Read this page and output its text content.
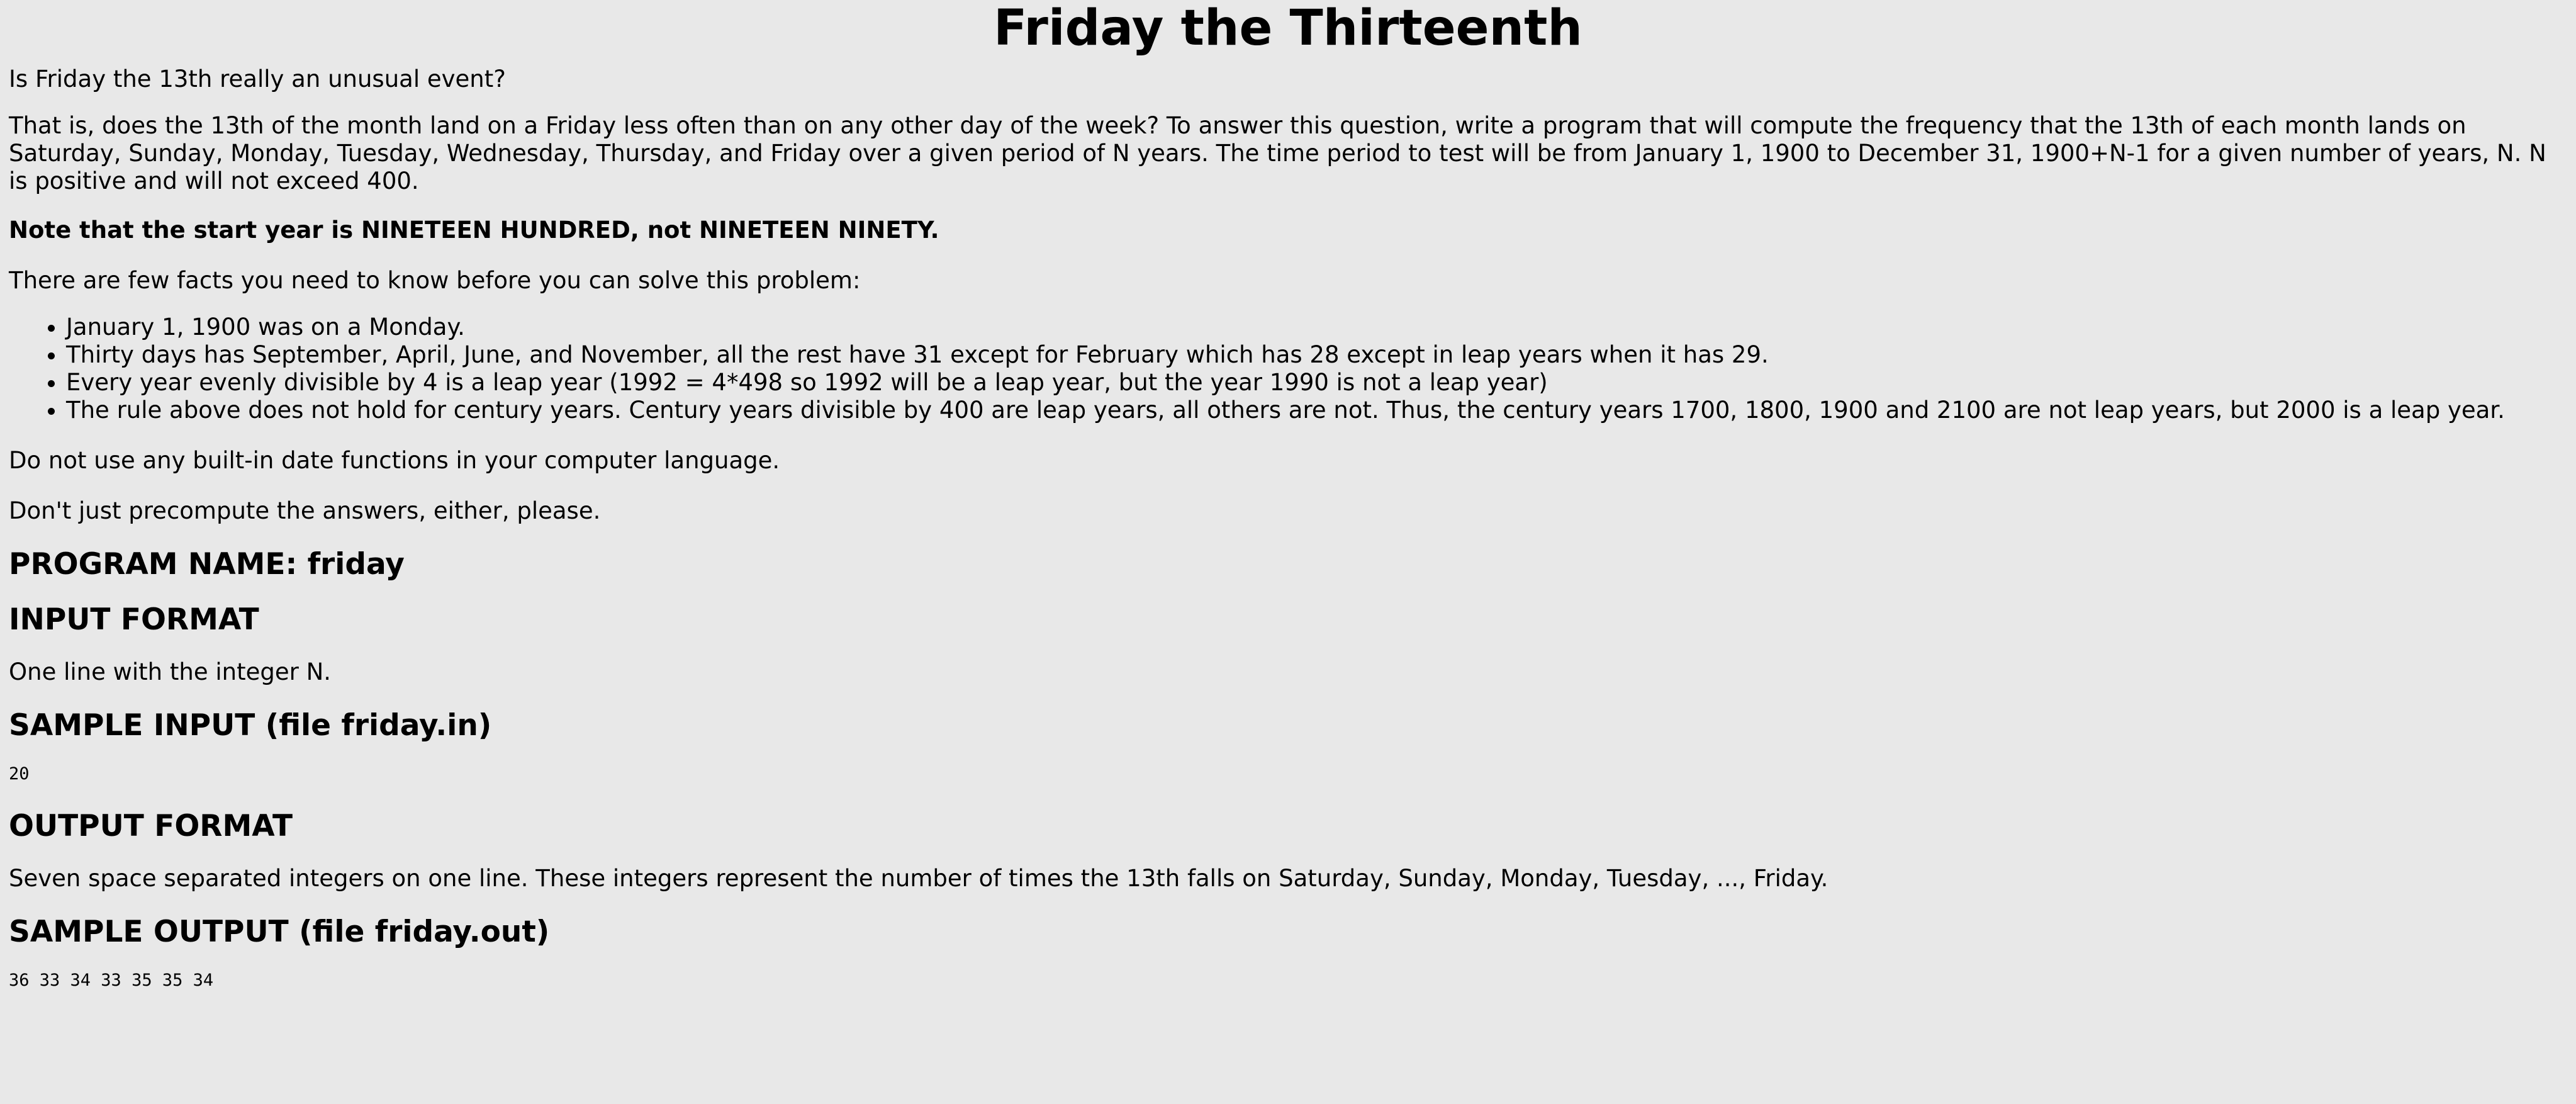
Friday the Thirteenth

Is Friday the 13th really an unusual event?

That is, does the 13th of the month land on a Friday less often than on any other day of the week? To answer this question, write a program that will compute the frequency that the 13th of each month lands on Saturday, Sunday, Monday, Tuesday, Wednesday, Thursday, and Friday over a given period of N years. The time period to test will be from January 1, 1900 to December 31, 1900+N-1 for a given number of years, N. N is positive and will not exceed 400.

Note that the start year is NINETEEN HUNDRED, not NINETEEN NINETY.

There are few facts you need to know before you can solve this problem:

• January 1, 1900 was on a Monday.
• Thirty days has September, April, June, and November, all the rest have 31 except for February which has 28 except in leap years when it has 29.
• Every year evenly divisible by 4 is a leap year (1992 = 4*498 so 1992 will be a leap year, but the year 1990 is not a leap year)
• The rule above does not hold for century years. Century years divisible by 400 are leap years, all others are not. Thus, the century years 1700, 1800, 1900 and 2100 are not leap years, but 2000 is a leap year.

Do not use any built-in date functions in your computer language.

Don't just precompute the answers, either, please.

PROGRAM NAME: friday
INPUT FORMAT

One line with the integer N.

SAMPLE INPUT (file friday.in)
20
OUTPUT FORMAT

Seven space separated integers on one line. These integers represent the number of times the 13th falls on Saturday, Sunday, Monday, Tuesday, ..., Friday.

SAMPLE OUTPUT (file friday.out)
36 33 34 33 35 35 34
